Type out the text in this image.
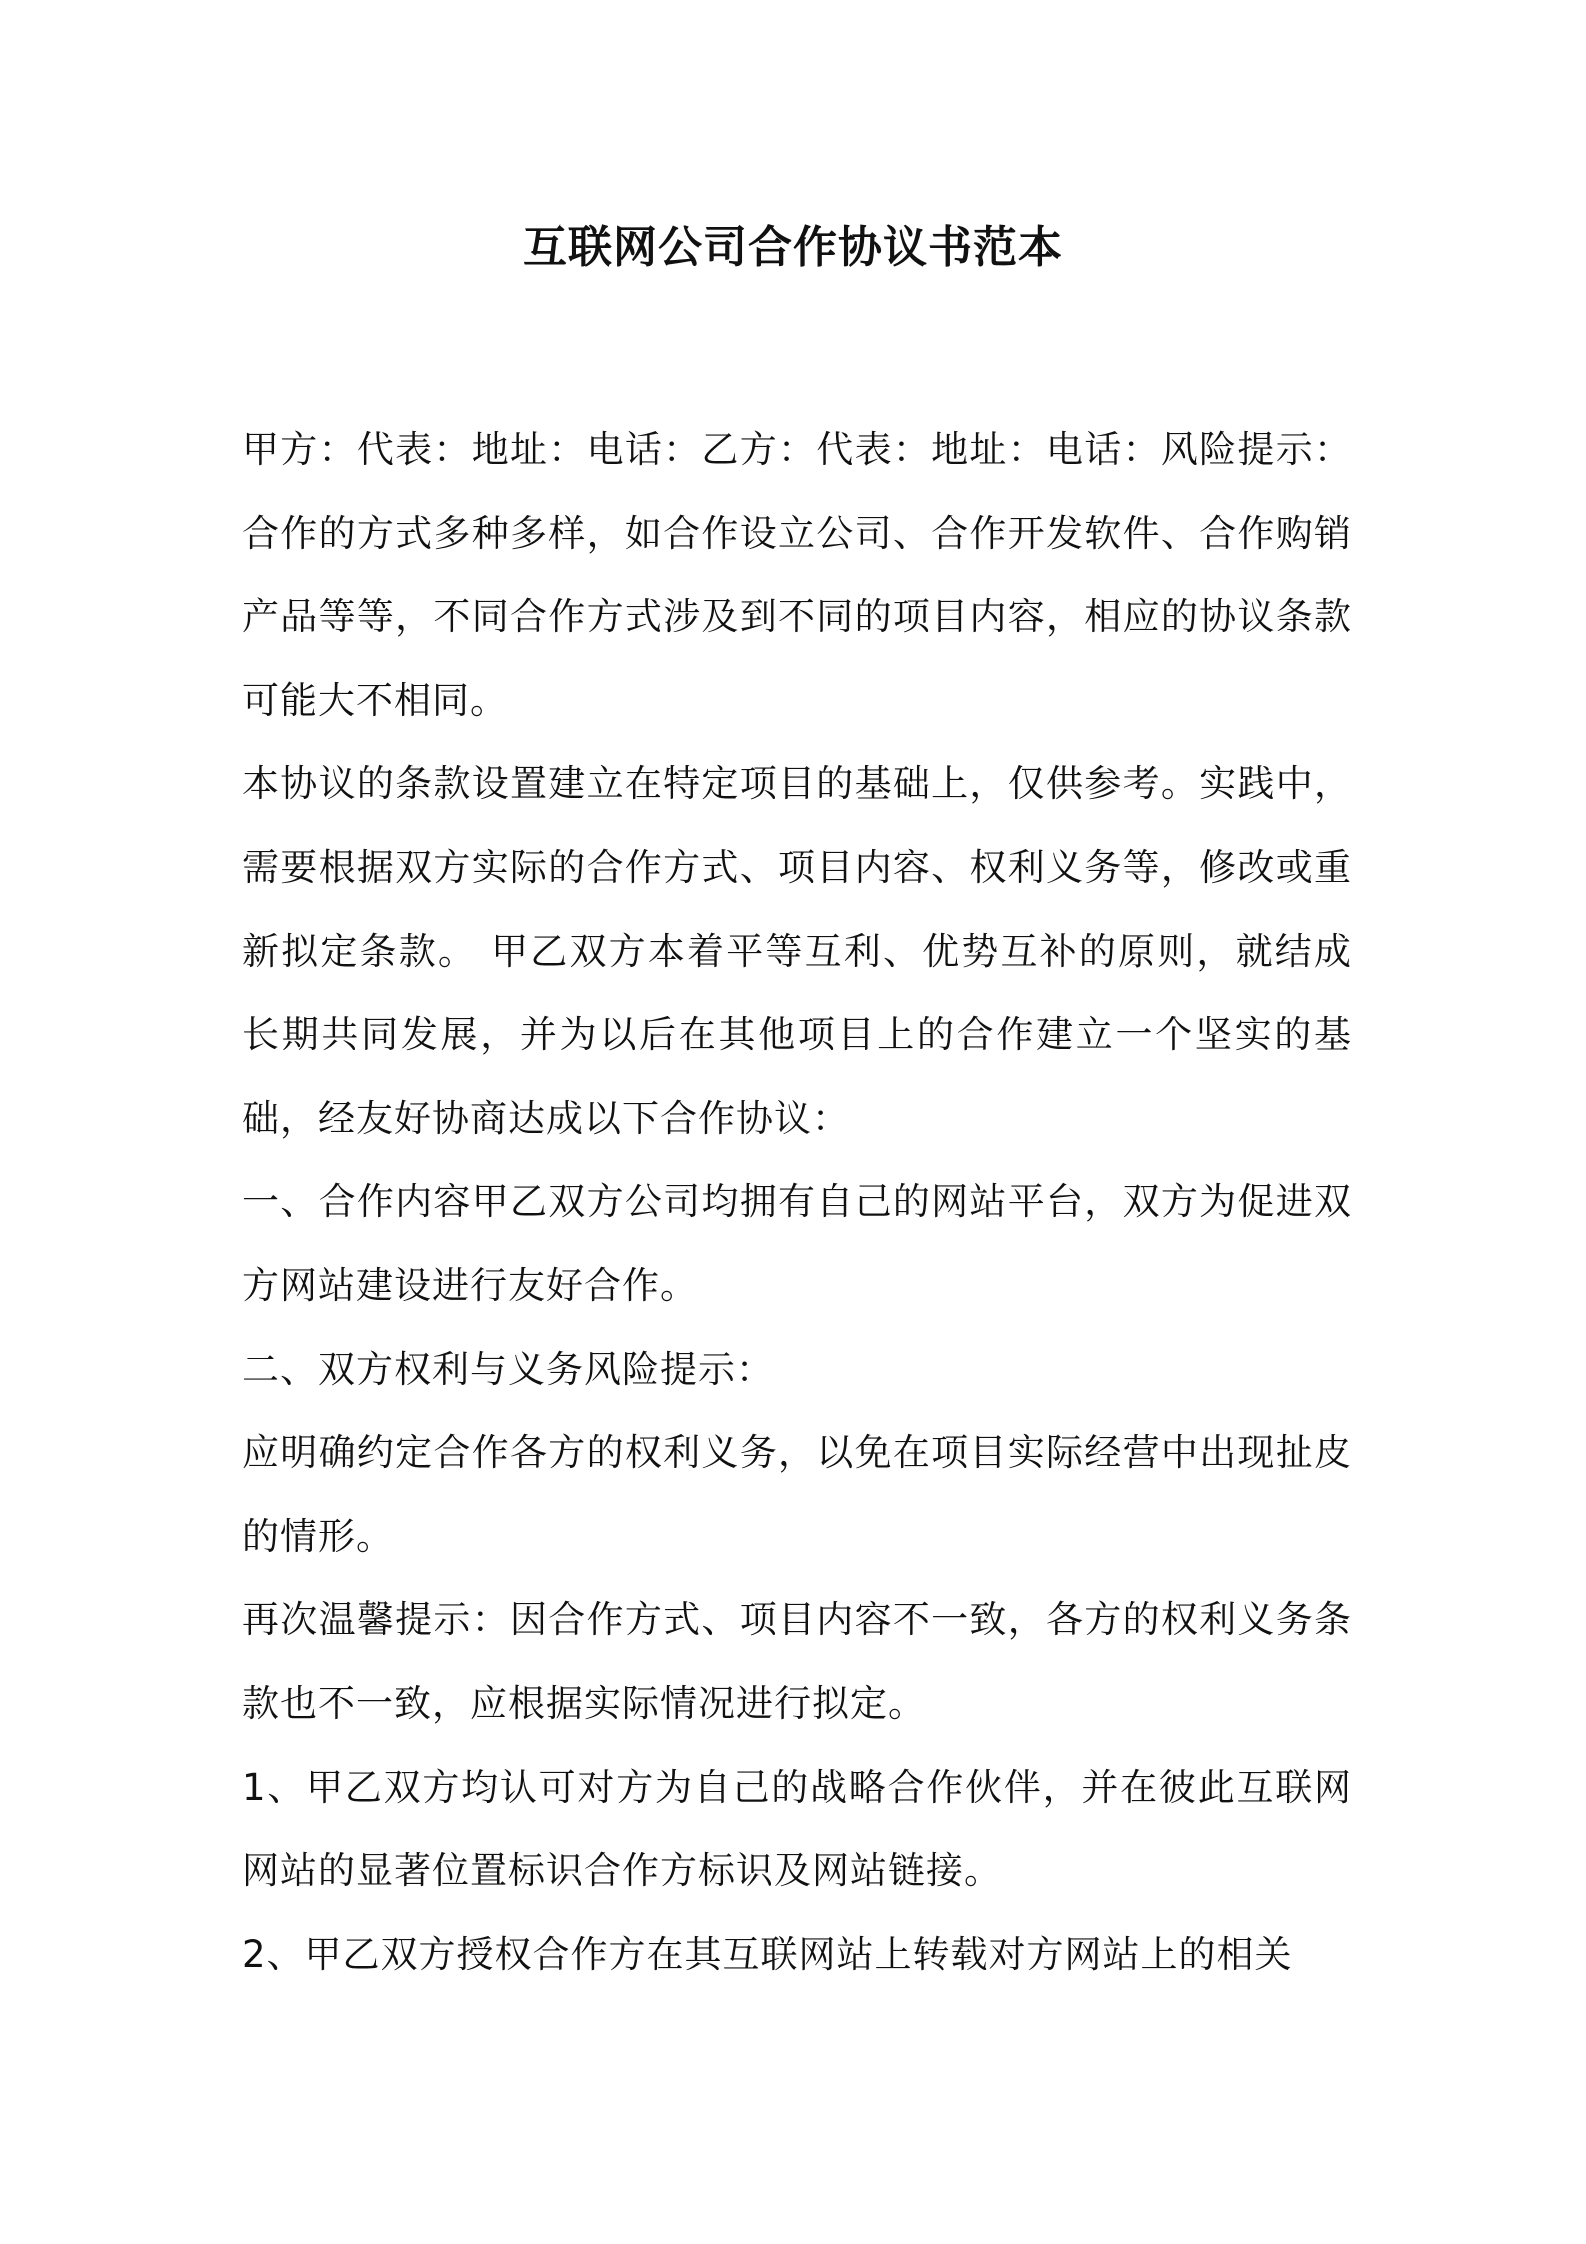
互联网公司合作协议书范本

甲方：代表：地址：电话：乙方：代表：地址：电话：风险提示：合作的方式多种多样，如合作设立公司、合作开发软件、合作购销产品等等，不同合作方式涉及到不同的项目内容，相应的协议条款可能大不相同。

本协议的条款设置建立在特定项目的基础上，仅供参考。实践中，需要根据双方实际的合作方式、项目内容、权利义务等，修改或重新拟定条款。 甲乙双方本着平等互利、优势互补的原则，就结成长期共同发展，并为以后在其他项目上的合作建立一个坚实的基础，经友好协商达成以下合作协议：

一、合作内容甲乙双方公司均拥有自己的网站平台，双方为促进双方网站建设进行友好合作。

二、双方权利与义务风险提示：

应明确约定合作各方的权利义务，以免在项目实际经营中出现扯皮的情形。

再次温馨提示：因合作方式、项目内容不一致，各方的权利义务条款也不一致，应根据实际情况进行拟定。

1、甲乙双方均认可对方为自己的战略合作伙伴，并在彼此互联网网站的显著位置标识合作方标识及网站链接。

2、甲乙双方授权合作方在其互联网站上转载对方网站上的相关
